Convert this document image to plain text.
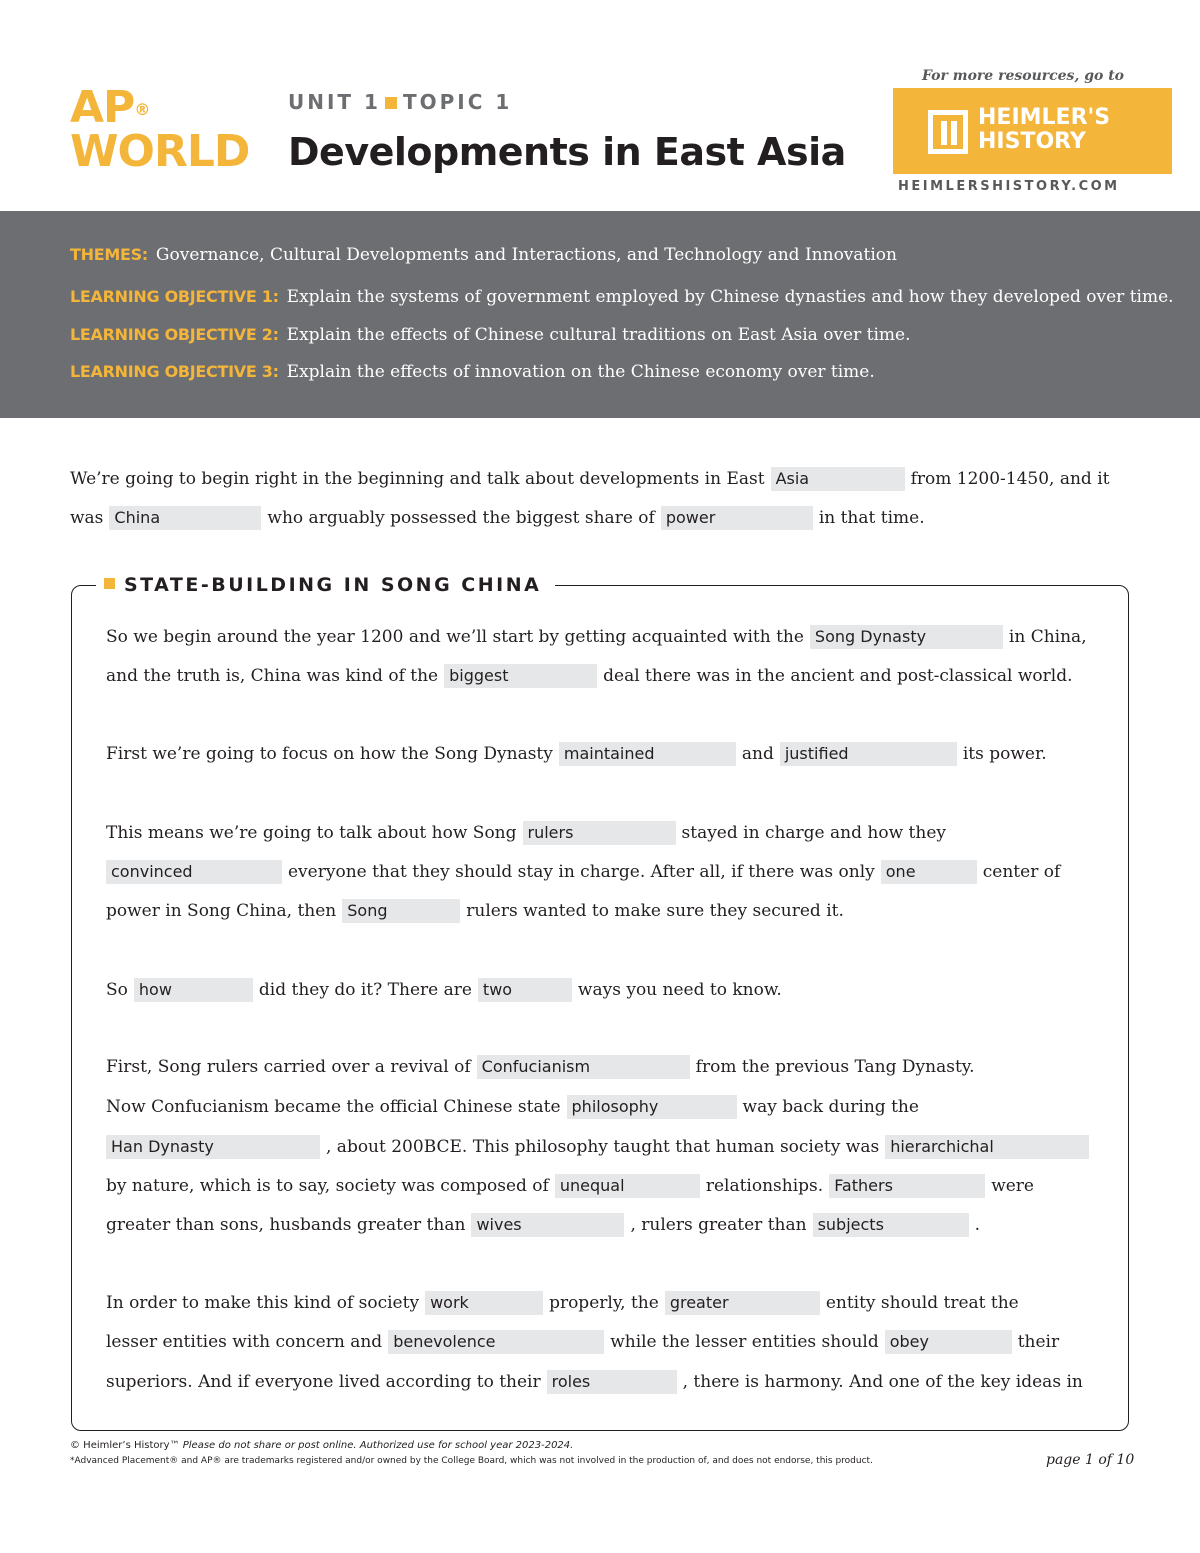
AP®
WORLD
UNIT 1 TOPIC 1
Developments in East Asia
For more resources, go to
HEIMLER'S
HISTORY
HEIMLERSHISTORY.COM
THEMES: Governance, Cultural Developments and Interactions, and Technology and Innovation
LEARNING OBJECTIVE 1: Explain the systems of government employed by Chinese dynasties and how they developed over time.
LEARNING OBJECTIVE 2: Explain the effects of Chinese cultural traditions on East Asia over time.
LEARNING OBJECTIVE 3: Explain the effects of innovation on the Chinese economy over time.
We’re going to begin right in the beginning and talk about developments in East Asia	from 1200-1450, and it
was China	who arguably possessed the biggest share of power	in that time.
STATE-BUILDING IN SONG CHINA
So we begin around the year 1200 and we’ll start by getting acquainted with the Song Dynasty	in China,
and the truth is, China was kind of the biggest	deal there was in the ancient and post-classical world.
First we’re going to focus on how the Song Dynasty maintained	and justified	its power.
This means we’re going to talk about how Song rulers	stayed in charge and how they
convinced	everyone that they should stay in charge. After all, if there was only one	center of
power in Song China, then Song	rulers wanted to make sure they secured it.
So how	did they do it? There are two	ways you need to know.
First, Song rulers carried over a revival of Confucianism	from the previous Tang Dynasty.
Now Confucianism became the official Chinese state philosophy	way back during the
Han Dynasty	, about 200BCE. This philosophy taught that human society was hierarchichal
by nature, which is to say, society was composed of unequal	relationships. Fathers	were
greater than sons, husbands greater than wives	, rulers greater than subjects	.
In order to make this kind of society work	properly, the greater	entity should treat the
lesser entities with concern and benevolence	while the lesser entities should obey	their
superiors. And if everyone lived according to their roles	, there is harmony. And one of the key ideas in
© Heimler’s History™ Please do not share or post online. Authorized use for school year 2023-2024.
*Advanced Placement® and AP® are trademarks registered and/or owned by the College Board, which was not involved in the production of, and does not endorse, this product.	page 1 of 10
